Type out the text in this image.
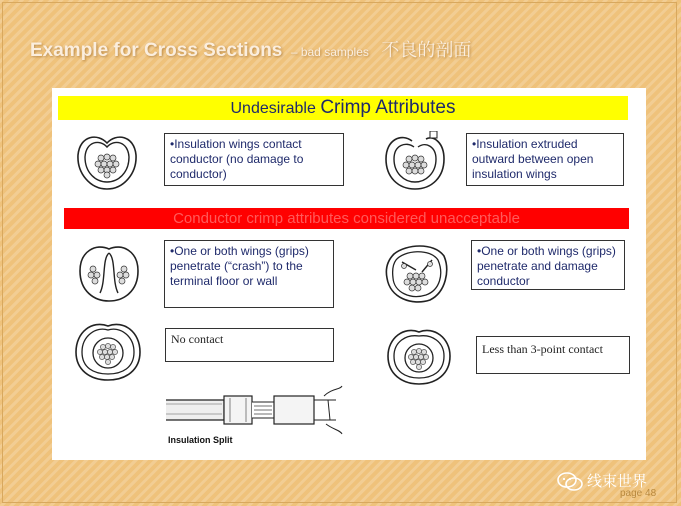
Example for Cross Sections – bad samples 不良的剖面
Undesirable Crimp Attributes
•Insulation wings contact conductor (no damage to conductor)
•Insulation extruded outward between open insulation wings
Conductor crimp attributes considered unacceptable
•One or both wings (grips) penetrate (“crash”) to the terminal floor or wall
•One or both wings (grips) penetrate and damage conductor
No contact
Less than 3-point contact
Insulation Split
线束世界
page 48
